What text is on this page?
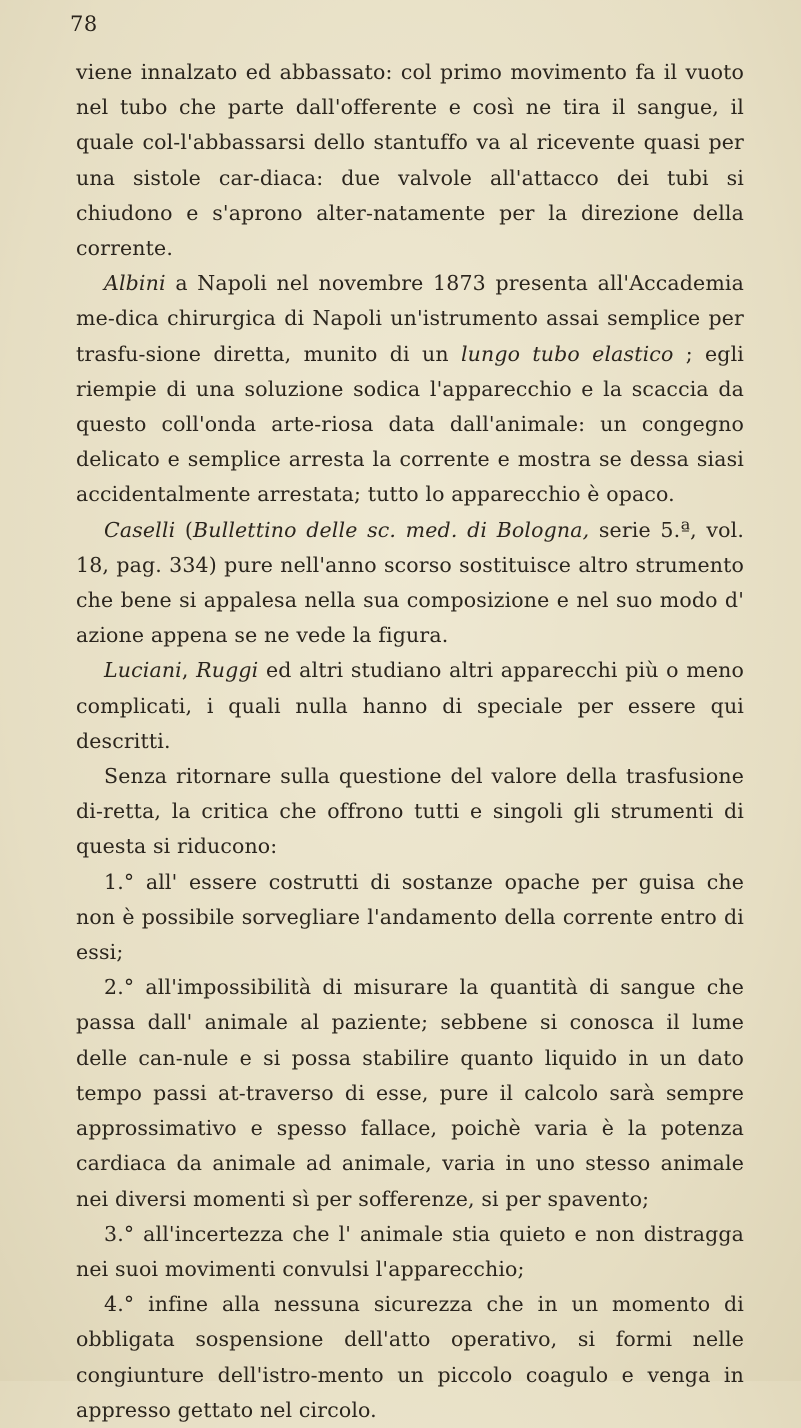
78

viene innalzato ed abbassato: col primo movimento fa il vuoto nel tubo che parte dall'offerente e così ne tira il sangue, il quale col-l'abbassarsi dello stantuffo va al ricevente quasi per una sistole car-diaca: due valvole all'attacco dei tubi si chiudono e s'aprono alter-natamente per la direzione della corrente.

Albini a Napoli nel novembre 1873 presenta all'Accademia me-dica chirurgica di Napoli un'istrumento assai semplice per trasfu-sione diretta, munito di un lungo tubo elastico ; egli riempie di una soluzione sodica l'apparecchio e la scaccia da questo coll'onda arte-riosa data dall'animale: un congegno delicato e semplice arresta la corrente e mostra se dessa siasi accidentalmente arrestata; tutto lo apparecchio è opaco.

Caselli (Bullettino delle sc. med. di Bologna, serie 5.ª, vol. 18, pag. 334) pure nell'anno scorso sostituisce altro strumento che bene si appalesa nella sua composizione e nel suo modo d' azione appena se ne vede la figura.

Luciani, Ruggi ed altri studiano altri apparecchi più o meno complicati, i quali nulla hanno di speciale per essere qui descritti.

Senza ritornare sulla questione del valore della trasfusione di-retta, la critica che offrono tutti e singoli gli strumenti di questa si riducono:

1.° all' essere costrutti di sostanze opache per guisa che non è possibile sorvegliare l'andamento della corrente entro di essi;

2.° all'impossibilità di misurare la quantità di sangue che passa dall' animale al paziente; sebbene si conosca il lume delle can-nule e si possa stabilire quanto liquido in un dato tempo passi at-traverso di esse, pure il calcolo sarà sempre approssimativo e spesso fallace, poichè varia è la potenza cardiaca da animale ad animale, varia in uno stesso animale nei diversi momenti sì per sofferenze, si per spavento;

3.° all'incertezza che l' animale stia quieto e non distragga nei suoi movimenti convulsi l'apparecchio;

4.° infine alla nessuna sicurezza che in un momento di obbligata sospensione dell'atto operativo, si formi nelle congiunture dell'istro-mento un piccolo coagulo e venga in appresso gettato nel circolo.
